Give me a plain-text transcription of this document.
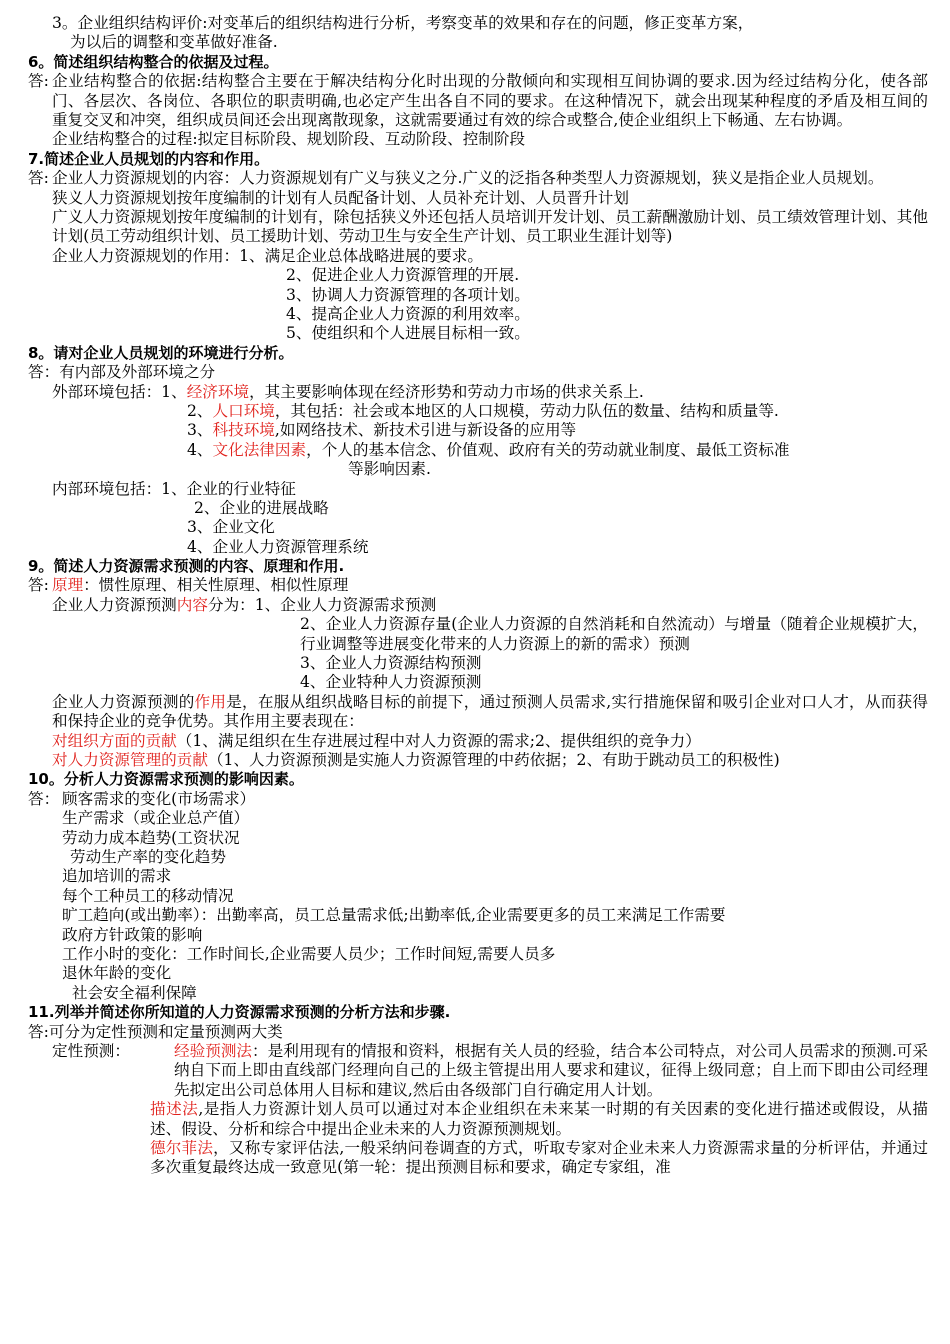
3。企业组织结构评价:对变革后的组织结构进行分析，考察变革的效果和存在的问题，修正变革方案，
为以后的调整和变革做好准备.
6。简述组织结构整合的依据及过程。
答: 企业结构整合的依据:结构整合主要在于解决结构分化时出现的分散倾向和实现相互间协调的要求.因为经过结构分化，使各部门、各层次、各岗位、各职位的职责明确,也必定产生出各自不同的要求。在这种情况下，就会出现某种程度的矛盾及相互间的重复交叉和冲突，组织成员间还会出现离散现象，这就需要通过有效的综合或整合,使企业组织上下畅通、左右协调。
企业结构整合的过程:拟定目标阶段、规划阶段、互动阶段、控制阶段
7.简述企业人员规划的内容和作用。
答: 企业人力资源规划的内容：人力资源规划有广义与狭义之分.广义的泛指各种类型人力资源规划，狭义是指企业人员规划。
狭义人力资源规划按年度编制的计划有人员配备计划、人员补充计划、人员晋升计划
广义人力资源规划按年度编制的计划有，除包括狭义外还包括人员培训开发计划、员工薪酬激励计划、员工绩效管理计划、其他计划(员工劳动组织计划、员工援助计划、劳动卫生与安全生产计划、员工职业生涯计划等)
企业人力资源规划的作用：1、满足企业总体战略进展的要求。
2、促进企业人力资源管理的开展.
3、协调人力资源管理的各项计划。
4、提高企业人力资源的利用效率。
5、使组织和个人进展目标相一致。
8。请对企业人员规划的环境进行分析。
答：有内部及外部环境之分
外部环境包括：1、经济环境，其主要影响体现在经济形势和劳动力市场的供求关系上.
2、人口环境，其包括：社会或本地区的人口规模，劳动力队伍的数量、结构和质量等.
3、科技环境,如网络技术、新技术引进与新设备的应用等
4、文化法律因素，个人的基本信念、价值观、政府有关的劳动就业制度、最低工资标准
等影响因素.
内部环境包括：1、企业的行业特征
2、企业的进展战略
3、企业文化
4、企业人力资源管理系统
9。简述人力资源需求预测的内容、原理和作用.
答: 原理：惯性原理、相关性原理、相似性原理
企业人力资源预测内容分为：1、企业人力资源需求预测
2、企业人力资源存量(企业人力资源的自然消耗和自然流动）与增量（随着企业规模扩大，行业调整等进展变化带来的人力资源上的新的需求）预测
3、企业人力资源结构预测
4、企业特种人力资源预测
企业人力资源预测的作用是，在服从组织战略目标的前提下，通过预测人员需求,实行措施保留和吸引企业对口人才，从而获得和保持企业的竞争优势。其作用主要表现在：
对组织方面的贡献（1、满足组织在生存进展过程中对人力资源的需求;2、提供组织的竞争力）
对人力资源管理的贡献（1、人力资源预测是实施人力资源管理的中药依据；2、有助于跳动员工的积极性)
10。分析人力资源需求预测的影响因素。
答： 顾客需求的变化(市场需求）
生产需求（或企业总产值）
劳动力成本趋势(工资状况
劳动生产率的变化趋势
追加培训的需求
每个工种员工的移动情况
旷工趋向(或出勤率）：出勤率高，员工总量需求低;出勤率低,企业需要更多的员工来满足工作需要
政府方针政策的影响
工作小时的变化：工作时间长,企业需要人员少；工作时间短,需要人员多
退休年龄的变化
社会安全福利保障
11.列举并简述你所知道的人力资源需求预测的分析方法和步骤.
答:可分为定性预测和定量预测两大类
定性预测：	经验预测法：是利用现有的情报和资料，根据有关人员的经验，结合本公司特点，对公司人员需求的预测.可采纳自下而上即由直线部门经理向自己的上级主管提出用人要求和建议，征得上级同意；自上而下即由公司经理先拟定出公司总体用人目标和建议,然后由各级部门自行确定用人计划。
描述法,是指人力资源计划人员可以通过对本企业组织在未来某一时期的有关因素的变化进行描述或假设，从描述、假设、分析和综合中提出企业未来的人力资源预测规划。
德尔菲法，又称专家评估法,一般采纳问卷调查的方式，听取专家对企业未来人力资源需求量的分析评估，并通过多次重复最终达成一致意见(第一轮：提出预测目标和要求，确定专家组，准
